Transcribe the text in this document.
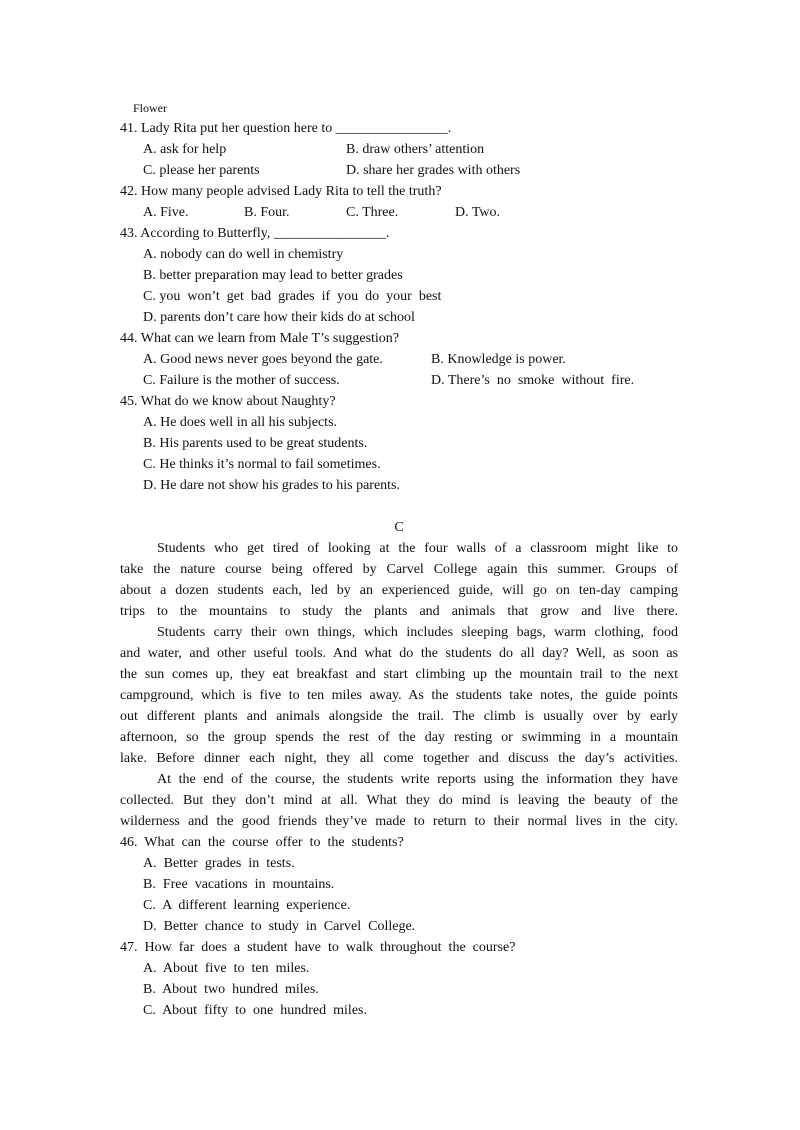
Flower
41. Lady Rita put her question here to ________________.
A. ask for help	B. draw others’ attention
C. please her parents	D. share her grades with others
42. How many people advised Lady Rita to tell the truth?
A. Five.	B. Four.	C. Three.	D. Two.
43. According to Butterfly, ________________.
A. nobody can do well in chemistry
B. better preparation may lead to better grades
C. you  won’t  get  bad  grades  if  you  do  your  best
D. parents don’t care how their kids do at school
44. What can we learn from Male T’s suggestion?
A. Good news never goes beyond the gate.	B. Knowledge is power.
C. Failure is the mother of success.	D. There’s  no  smoke  without  fire.
45. What do we know about Naughty?
A. He does well in all his subjects.
B. His parents used to be great students.
C. He thinks it’s normal to fail sometimes.
D. He dare not show his grades to his parents.
C
Students who get tired of looking at the four walls of a classroom might like to
take the nature course being offered by Carvel College again this summer. Groups of
about a dozen students each, led by an experienced guide, will go on ten-day camping
trips to the mountains to study the plants and animals that grow and live there.
Students carry their own things, which includes sleeping bags, warm clothing, food
and water, and other useful tools. And what do the students do all day? Well, as soon as
the sun comes up, they eat breakfast and start climbing up the mountain trail to the next
campground, which is five to ten miles away. As the students take notes, the guide points
out different plants and animals alongside the trail. The climb is usually over by early
afternoon, so the group spends the rest of the day resting or swimming in a mountain
lake. Before dinner each night, they all come together and discuss the day’s activities.
At the end of the course, the students write reports using the information they have
collected. But they don’t mind at all. What they do mind is leaving the beauty of the
wilderness and the good friends they’ve made to return to their normal lives in the city.
46.  What  can  the  course  offer  to  the  students?
A.  Better  grades  in  tests.
B.  Free  vacations  in  mountains.
C.  A  different  learning  experience.
D.  Better  chance  to  study  in  Carvel  College.
47.  How  far  does  a  student  have  to  walk  throughout  the  course?
A.  About  five  to  ten  miles.
B.  About  two  hundred  miles.
C.  About  fifty  to  one  hundred  miles.
